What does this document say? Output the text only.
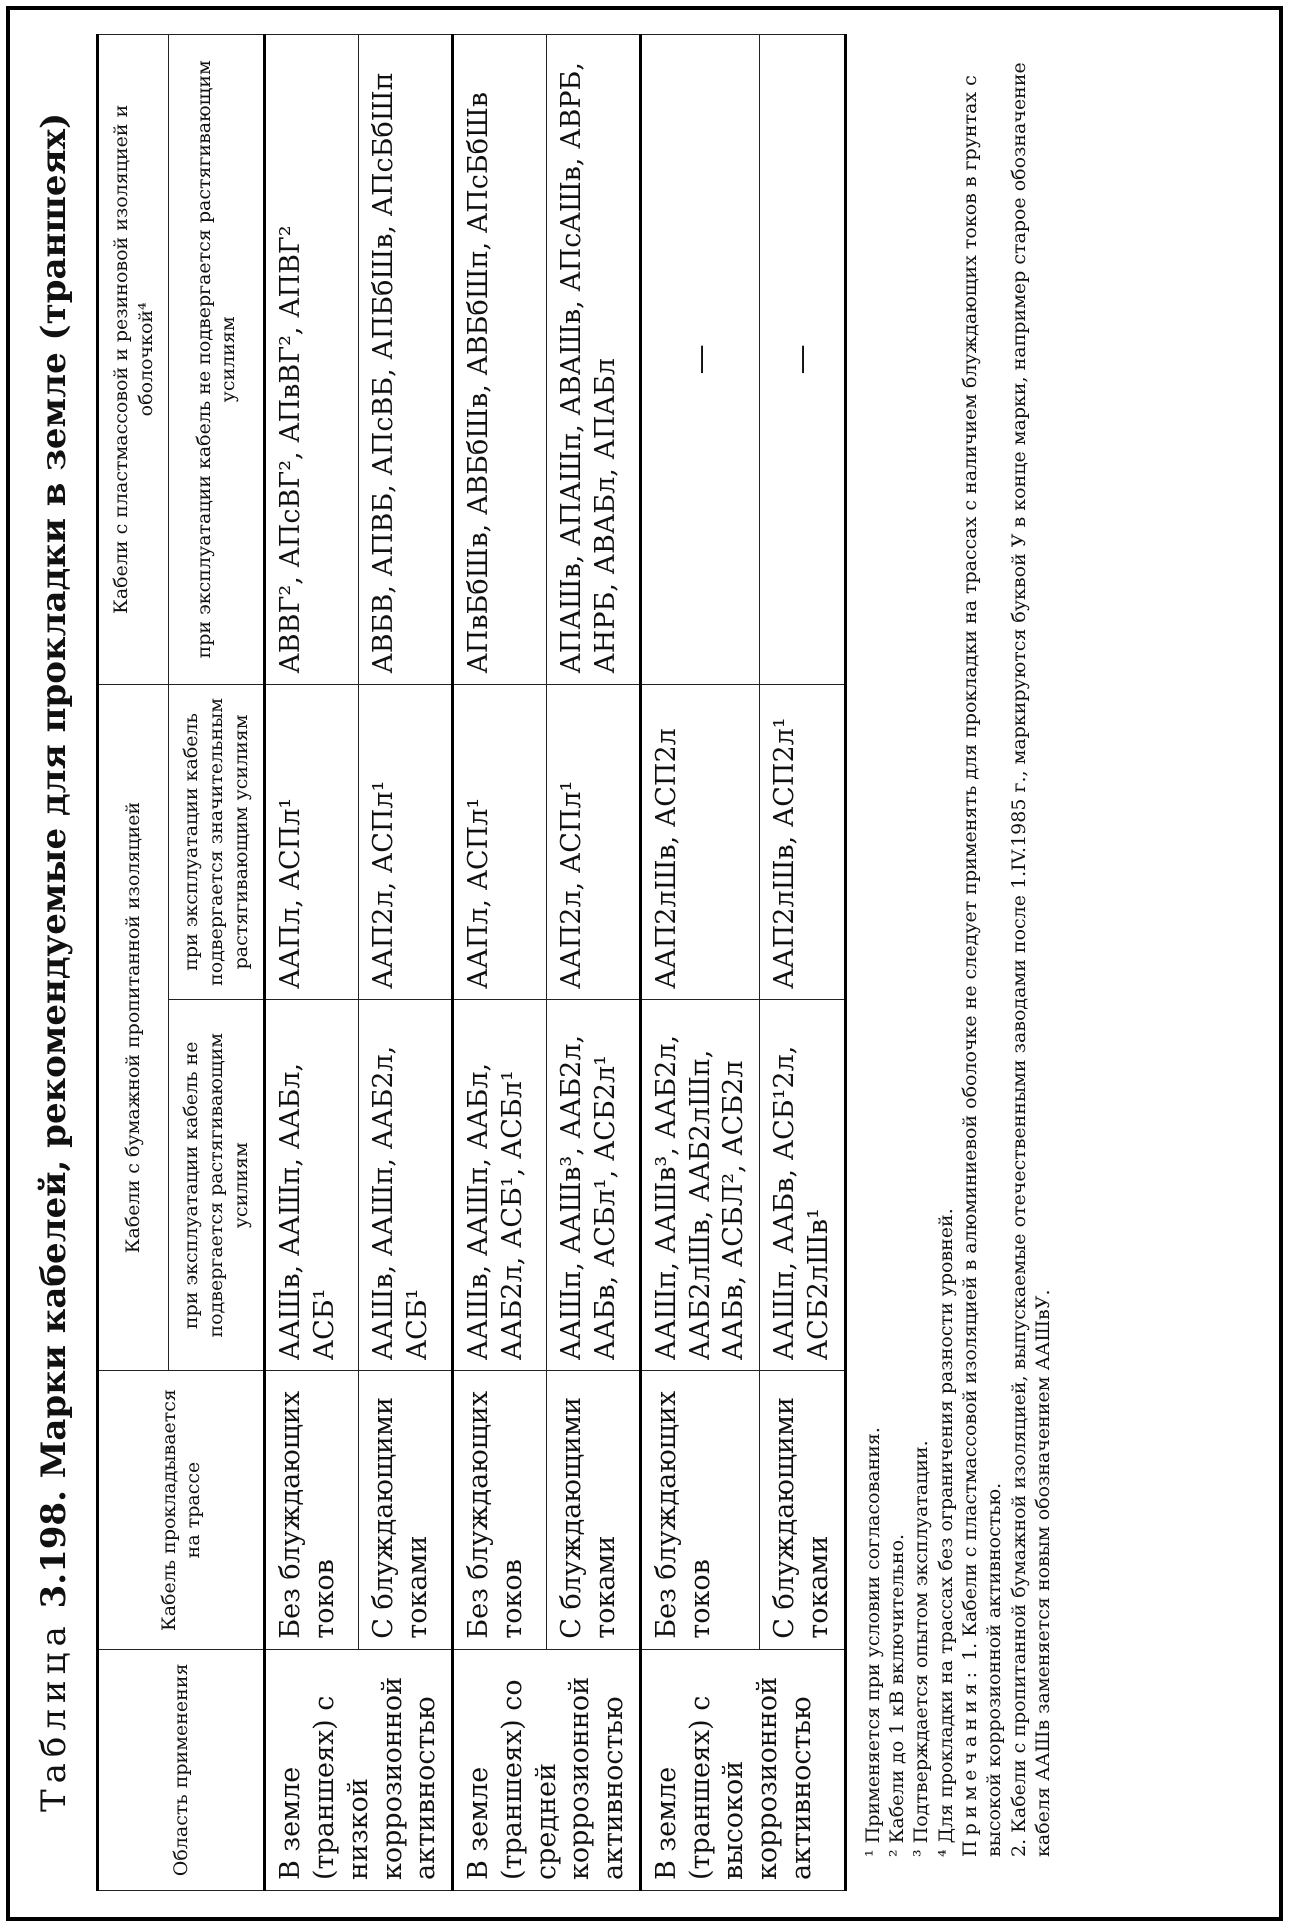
Таблица 3.198. Марки кабелей, рекомендуемые для прокладки в земле (траншеях)
Область применения	Кабель прокладывается на трассе	Кабели с бумажной пропитанной изоляцией		Кабели с пластмассовой и резиновой изоляцией и оболочкой⁴
		при эксплуатации кабель не подвергается растягивающим усилиям	при эксплуатации кабель подвергается значительным растягивающим усилиям	при эксплуатации кабель не подвергается растягивающим усилиям
В земле (траншеях) с низкой коррозионной активностью	Без блуждающих токов	ААШв, ААШп, ААБл, АСБ¹	ААПл, АСПл¹	АВВГ², АПсВГ², АПвВГ², АПВГ²
	С блуждающими токами	ААШв, ААШп, ААБ2л, АСБ¹	ААП2л, АСПл¹	АВБВ, АПВБ, АПсВБ, АПБбШв, АПсБбШп
В земле (траншеях) со средней коррозионной активностью	Без блуждающих токов	ААШв, ААШп, ААБл, ААБ2л, АСБ¹, АСБл¹	ААПл, АСПл¹	АПвБбШв, АВБбШв, АВБбШп, АПсБбШв
	С блуждающими токами	ААШп, ААШв³, ААБ2л, ААБв, АСБл¹, АСБ2л¹	ААП2л, АСПл¹	АПАШв, АПАШп, АВАШв, АПсАШв, АВРБ, АНРБ, АВАБл, АПАБл
В земле (траншеях) с высокой коррозионной активностью	Без блуждающих токов	ААШп, ААШв³, ААБ2л, ААБ2лШв, ААБ2лШп, ААБв, АСБЛ², АСБ2л	ААП2лШв, АСП2л	—
	С блуждающими токами	ААШп, ААБв, АСБ¹2л, АСБ2лШв¹	ААП2лШв, АСП2л¹	—

¹ Применяется при условии согласования. ² Кабели до 1 кВ включительно. ³ Подтверждается опытом эксплуатации. ⁴ Для прокладки на трассах без ограничения разности уровней. Примечания: 1. Кабели с пластмассовой изоляцией в алюминиевой оболочке не следует применять для прокладки на трассах с наличием блуждающих токов в грунтах с высокой коррозионной активностью. 2. Кабели с пропитанной бумажной изоляцией, выпускаемые отечественными заводами после 1.IV.1985 г., маркируются буквой У в конце марки, например старое обозначение кабеля ААШв заменяется новым обозначением ААШвУ.
